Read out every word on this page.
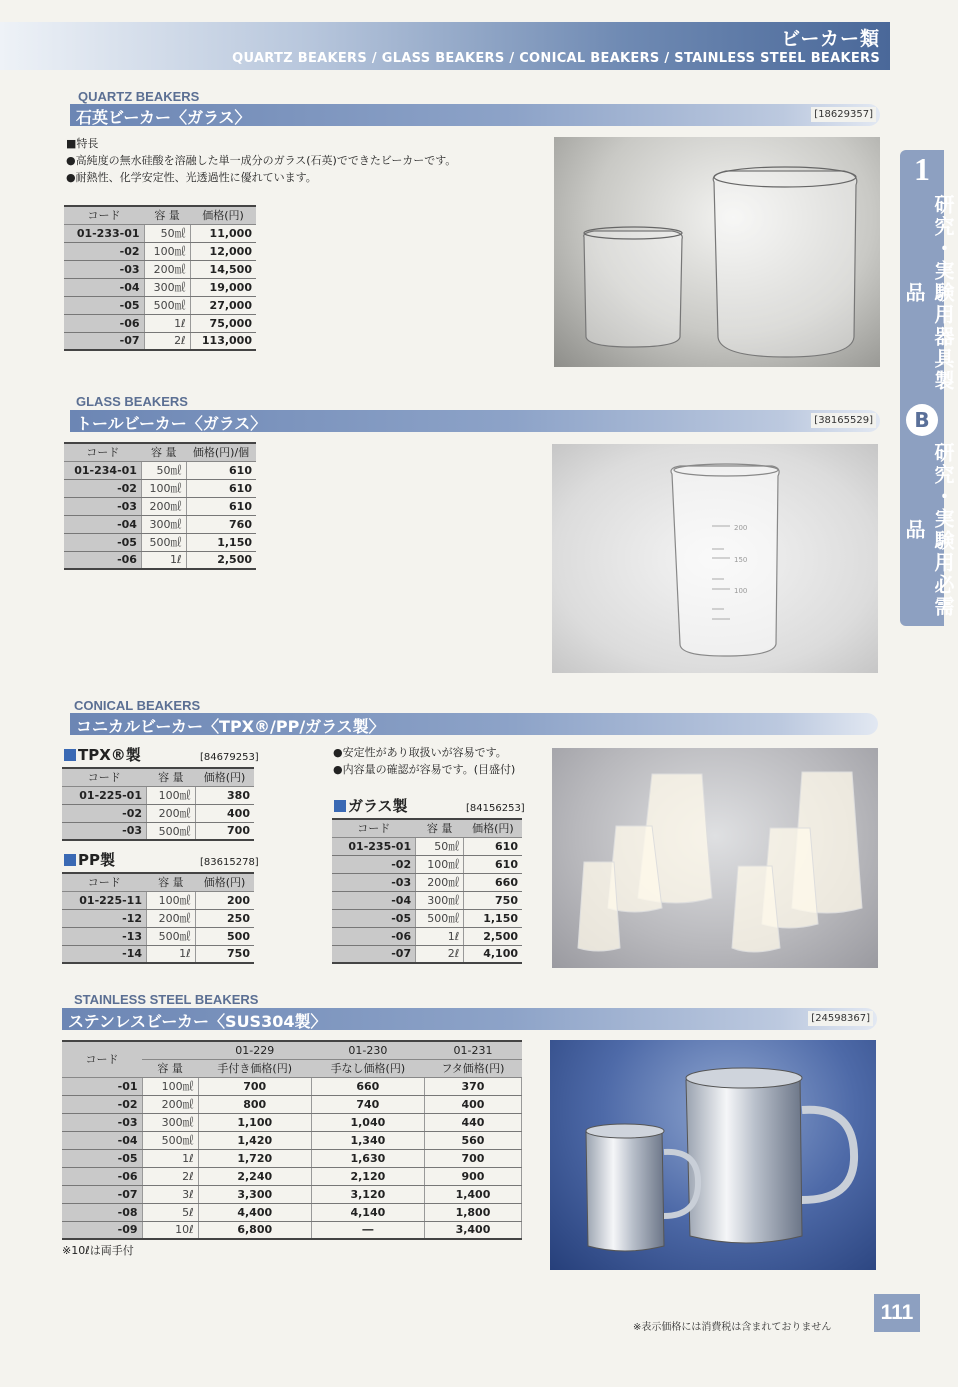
ビーカー類
QUARTZ BEAKERS / GLASS BEAKERS / CONICAL BEAKERS / STAINLESS STEEL BEAKERS
1
研究・実験用器具製品
B
研究・実験用必需品
QUARTZ BEAKERS
石英ビーカー〈ガラス〉	[18629357]
■特長
●高純度の無水硅酸を溶融した単一成分のガラス(石英)でできたビーカーです。
●耐熱性、化学安定性、光透過性に優れています。
コード	容 量	価格(円)
01-233-01	50㎖	11,000
-02	100㎖	12,000
-03	200㎖	14,500
-04	300㎖	19,000
-05	500㎖	27,000
-06	1ℓ	75,000
-07	2ℓ	113,000
GLASS BEAKERS
トールビーカー〈ガラス〉	[38165529]
コード	容 量	価格(円)/個
01-234-01	50㎖	610
-02	100㎖	610
-03	200㎖	610
-04	300㎖	760
-05	500㎖	1,150
-06	1ℓ	2,500
200
150
100
CONICAL BEAKERS
コニカルビーカー〈TPX®/PP/ガラス製〉
TPX®製	[84679253]
コード	容 量	価格(円)
01-225-01	100㎖	380
-02	200㎖	400
-03	500㎖	700
PP製	[83615278]
コード	容 量	価格(円)
01-225-11	100㎖	200
-12	200㎖	250
-13	500㎖	500
-14	1ℓ	750
●安定性があり取扱いが容易です。
●内容量の確認が容易です。(目盛付)
ガラス製	[84156253]
コード	容 量	価格(円)
01-235-01	50㎖	610
-02	100㎖	610
-03	200㎖	660
-04	300㎖	750
-05	500㎖	1,150
-06	1ℓ	2,500
-07	2ℓ	4,100
STAINLESS STEEL BEAKERS
ステンレスビーカー〈SUS304製〉	[24598367]
コード		01-229	01-230	01-231
	容 量	手付き価格(円)	手なし価格(円)	フタ価格(円)
-01	100㎖	700	660	370
-02	200㎖	800	740	400
-03	300㎖	1,100	1,040	440
-04	500㎖	1,420	1,340	560
-05	1ℓ	1,720	1,630	700
-06	2ℓ	2,240	2,120	900
-07	3ℓ	3,300	3,120	1,400
-08	5ℓ	4,400	4,140	1,800
-09	10ℓ	6,800	―	3,400
※10ℓは両手付
111
※表示価格には消費税は含まれておりません
